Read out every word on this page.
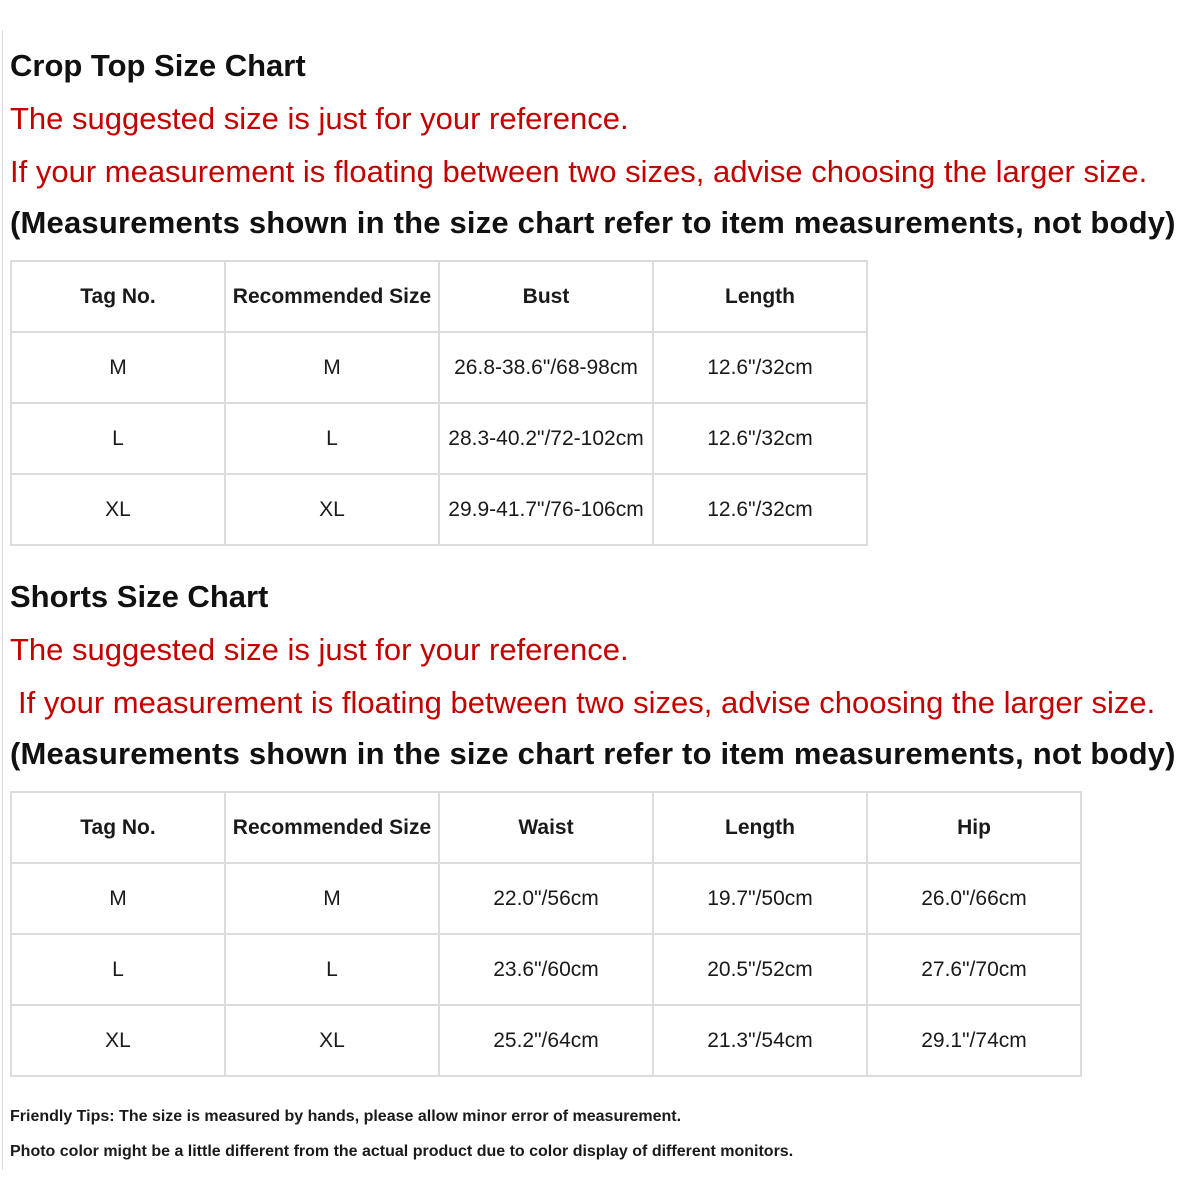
Crop Top Size Chart
The suggested size is just for your reference.
If your measurement is floating between two sizes, advise choosing the larger size.
(Measurements shown in the size chart refer to item measurements, not body)
Tag No.	Recommended Size	Bust	Length
M	M	26.8-38.6"/68-98cm	12.6"/32cm
L	L	28.3-40.2"/72-102cm	12.6"/32cm
XL	XL	29.9-41.7"/76-106cm	12.6"/32cm
Shorts Size Chart
The suggested size is just for your reference.
If your measurement is floating between two sizes, advise choosing the larger size.
(Measurements shown in the size chart refer to item measurements, not body)
Tag No.	Recommended Size	Waist	Length	Hip
M	M	22.0"/56cm	19.7"/50cm	26.0"/66cm
L	L	23.6"/60cm	20.5"/52cm	27.6"/70cm
XL	XL	25.2"/64cm	21.3"/54cm	29.1"/74cm
Friendly Tips: The size is measured by hands, please allow minor error of measurement.
Photo color might be a little different from the actual product due to color display of different monitors.
